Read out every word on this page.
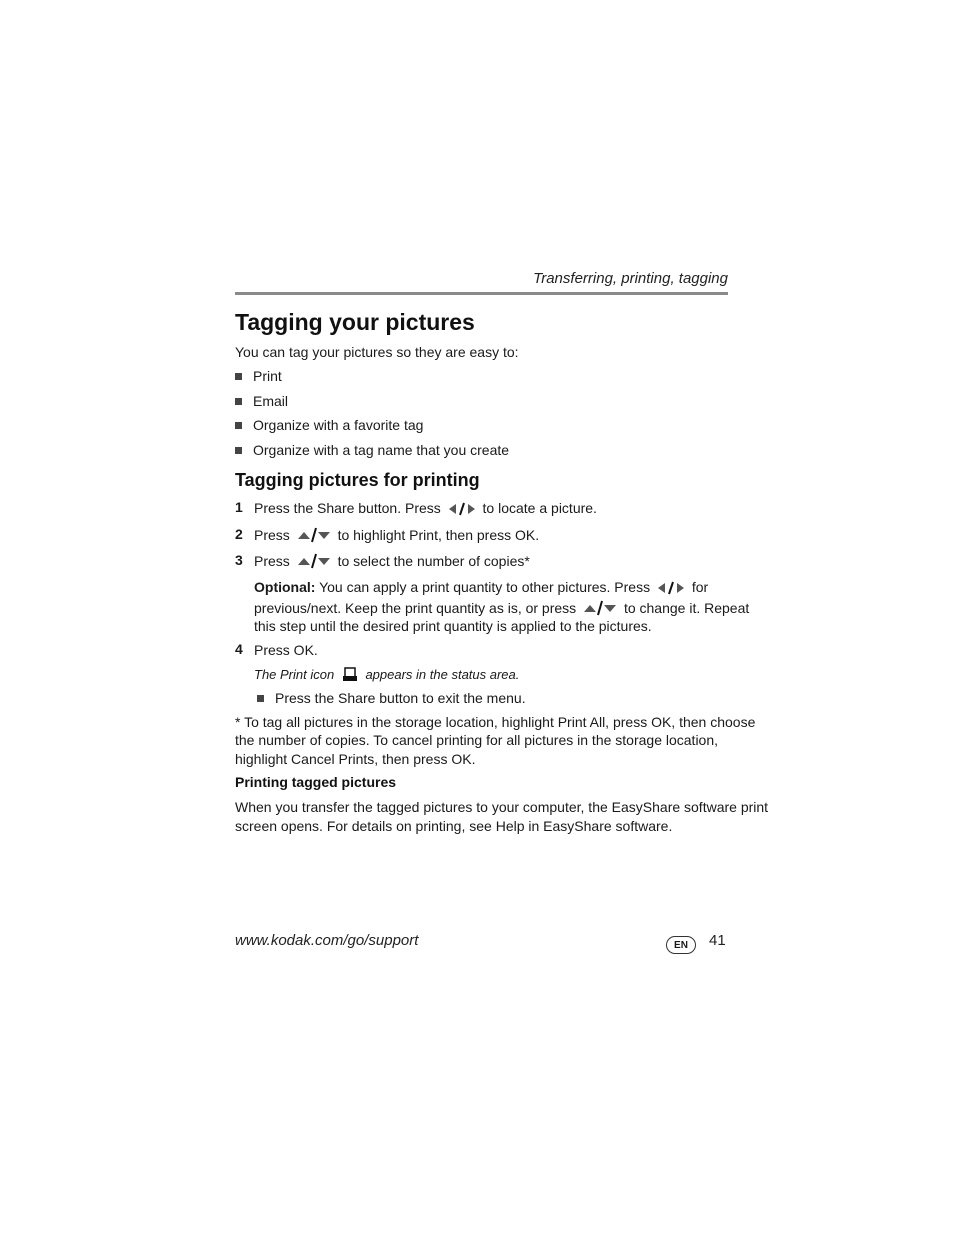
Transferring, printing, tagging
Tagging your pictures
You can tag your pictures so they are easy to:
Print
Email
Organize with a favorite tag
Organize with a tag name that you create
Tagging pictures for printing
1 Press the Share button. Press	to locate a picture.
2 Press	to highlight Print, then press OK.
3 Press	to select the number of copies*
Optional: You can apply a print quantity to other pictures. Press	for
previous/next. Keep the print quantity as is, or press	to change it. Repeat
this step until the desired print quantity is applied to the pictures.
4 Press OK.
The Print icon appears in the status area.
Press the Share button to exit the menu.
* To tag all pictures in the storage location, highlight Print All, press OK, then choose
the number of copies. To cancel printing for all pictures in the storage location,
highlight Cancel Prints, then press OK.
Printing tagged pictures
When you transfer the tagged pictures to your computer, the EasyShare software print
screen opens. For details on printing, see Help in EasyShare software.
www.kodak.com/go/support	EN	41
